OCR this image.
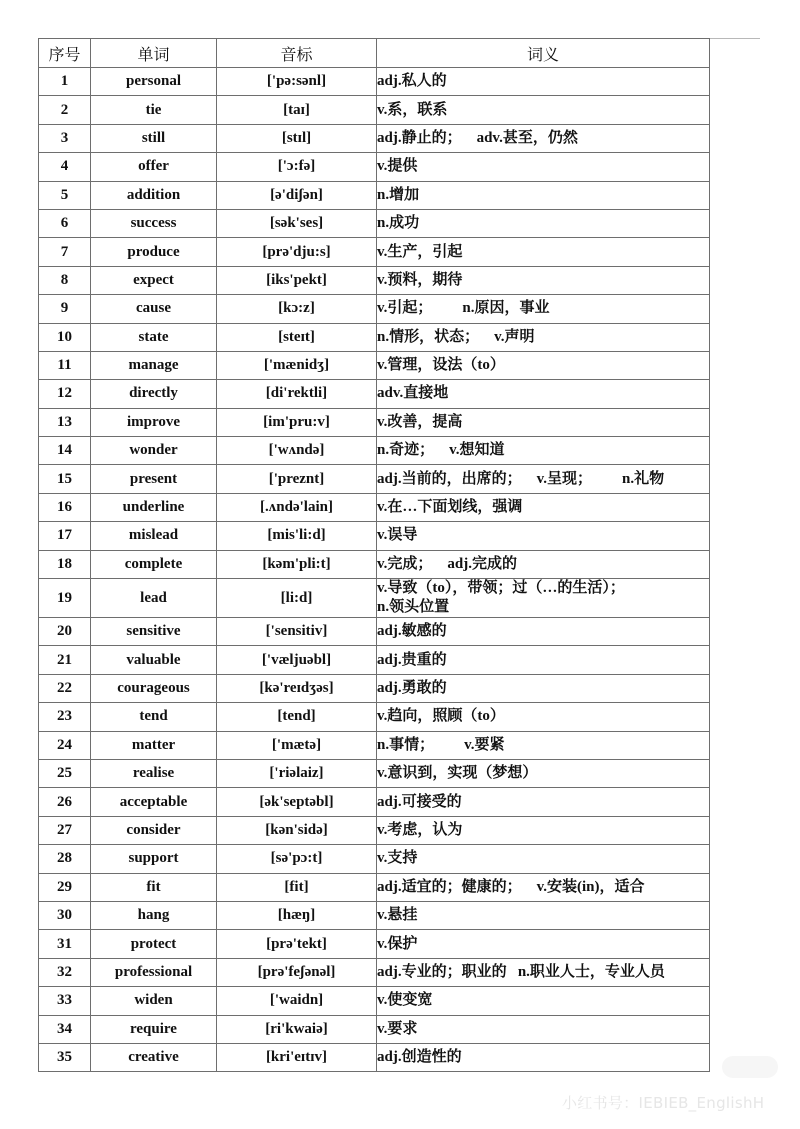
序号	单词	音标	词义
1	personal	['pə:sənl]	adj.私人的
2	tie	[taɪ]	v.系，联系
3	still	[stɪl]	adj.静止的；    adv.甚至，仍然
4	offer	['ɔ:fə]	v.提供
5	addition	[ə'diʃən]	n.增加
6	success	[sək'ses]	n.成功
7	produce	[prə'dju:s]	v.生产，引起
8	expect	[iks'pekt]	v.预料，期待
9	cause	[kɔ:z]	v.引起；        n.原因，事业
10	state	[steɪt]	n.情形，状态；    v.声明
11	manage	['mænidʒ]	v.管理，设法（to）
12	directly	[di'rektli]	adv.直接地
13	improve	[im'pru:v]	v.改善，提高
14	wonder	['wʌndə]	n.奇迹；    v.想知道
15	present	['preznt]	adj.当前的，出席的；    v.呈现；        n.礼物
16	underline	[.ʌndə'lain]	v.在…下面划线，强调
17	mislead	[mis'li:d]	v.误导
18	complete	[kəm'pli:t]	v.完成；    adj.完成的
19	lead	[li:d]	v.导致（to），带领；过（…的生活）；
n.领头位置

20	sensitive	['sensitiv]	adj.敏感的
21	valuable	['væljuəbl]	adj.贵重的
22	courageous	[kə'reɪdʒəs]	adj.勇敢的
23	tend	[tend]	v.趋向，照顾（to）
24	matter	['mætə]	n.事情；        v.要紧
25	realise	['riəlaiz]	v.意识到，实现（梦想）
26	acceptable	[ək'septəbl]	adj.可接受的
27	consider	[kən'sidə]	v.考虑，认为
28	support	[sə'pɔ:t]	v.支持
29	fit	[fit]	adj.适宜的；健康的；    v.安装(in)，适合
30	hang	[hæŋ]	v.悬挂
31	protect	[prə'tekt]	v.保护
32	professional	[prə'feʃənəl]	adj.专业的；职业的   n.职业人士，专业人员
33	widen	['waidn]	v.使变宽
34	require	[ri'kwaiə]	v.要求
35	creative	[kri'eɪtɪv]	adj.创造性的
小红书号：IEBIEB_EnglishH
